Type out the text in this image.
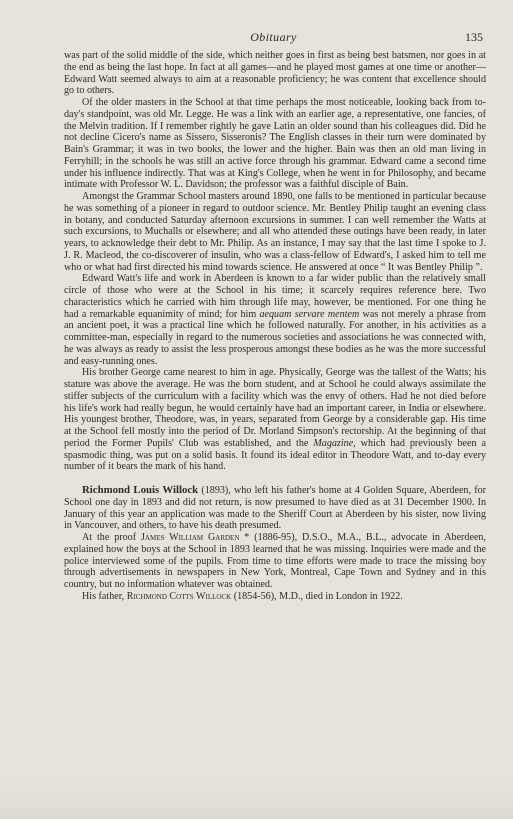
Obituary	135

was part of the solid middle of the side, which neither goes in first as being best batsmen, nor goes in at the end as being the last hope. In fact at all games—and he played most games at one time or another—Edward Watt seemed always to aim at a reasonable proficiency; he was content that excellence should go to others.

Of the older masters in the School at that time perhaps the most noticeable, looking back from to-day's standpoint, was old Mr. Legge. He was a link with an earlier age, a representative, one fancies, of the Melvin tradition. If I remember rightly he gave Latin an older sound than his colleagues did. Did he not decline Cicero's name as Sissero, Sisseronis? The English classes in their turn were dominated by Bain's Grammar; it was in two books, the lower and the higher. Bain was then an old man living in Ferryhill; in the schools he was still an active force through his grammar. Edward came a second time under his influence indirectly. That was at King's College, when he went in for Philosophy, and became intimate with Professor W. L. Davidson; the professor was a faithful disciple of Bain.

Amongst the Grammar School masters around 1890, one falls to be mentioned in particular because he was something of a pioneer in regard to outdoor science. Mr. Bentley Philip taught an evening class in botany, and conducted Saturday afternoon excursions in summer. I can well remember the Watts at such excursions, to Muchalls or elsewhere; and all who attended these outings have been ready, in later years, to acknowledge their debt to Mr. Philip. As an instance, I may say that the last time I spoke to J. J. R. Macleod, the co-discoverer of insulin, who was a class-fellow of Edward's, I asked him to tell me who or what had first directed his mind towards science. He answered at once “ It was Bentley Philip ”.

Edward Watt's life and work in Aberdeen is known to a far wider public than the relatively small circle of those who were at the School in his time; it scarcely requires reference here. Two characteristics which he carried with him through life may, however, be mentioned. For one thing he had a remarkable equanimity of mind; for him aequam servare mentem was not merely a phrase from an ancient poet, it was a practical line which he followed naturally. For another, in his activities as a committee-man, especially in regard to the numerous societies and associations he was connected with, he was always as ready to assist the less prosperous amongst these bodies as he was the more successful and easy-running ones.

His brother George came nearest to him in age. Physically, George was the tallest of the Watts; his stature was above the average. He was the born student, and at School he could always assimilate the stiffer subjects of the curriculum with a facility which was the envy of others. Had he not died before his life's work had really begun, he would certainly have had an important career, in India or elsewhere. His youngest brother, Theodore, was, in years, separated from George by a considerable gap. His time at the School fell mostly into the period of Dr. Morland Simpson's rectorship. At the beginning of that period the Former Pupils' Club was established, and the Magazine, which had previously been a spasmodic thing, was put on a solid basis. It found its ideal editor in Theodore Watt, and to-day every number of it bears the mark of his hand.

Richmond Louis Willock (1893), who left his father's home at 4 Golden Square, Aberdeen, for School one day in 1893 and did not return, is now presumed to have died as at 31 December 1900. In January of this year an application was made to the Sheriff Court at Aberdeen by his sister, now living in Vancouver, and others, to have his death presumed.

At the proof James William Garden * (1886-95), D.S.O., M.A., B.L., advocate in Aberdeen, explained how the boys at the School in 1893 learned that he was missing. Inquiries were made and the police interviewed some of the pupils. From time to time efforts were made to trace the missing boy through advertisements in newspapers in New York, Montreal, Cape Town and Sydney and in this country, but no information whatever was obtained.

His father, Richmond Cotts Willock (1854-56), M.D., died in London in 1922.
